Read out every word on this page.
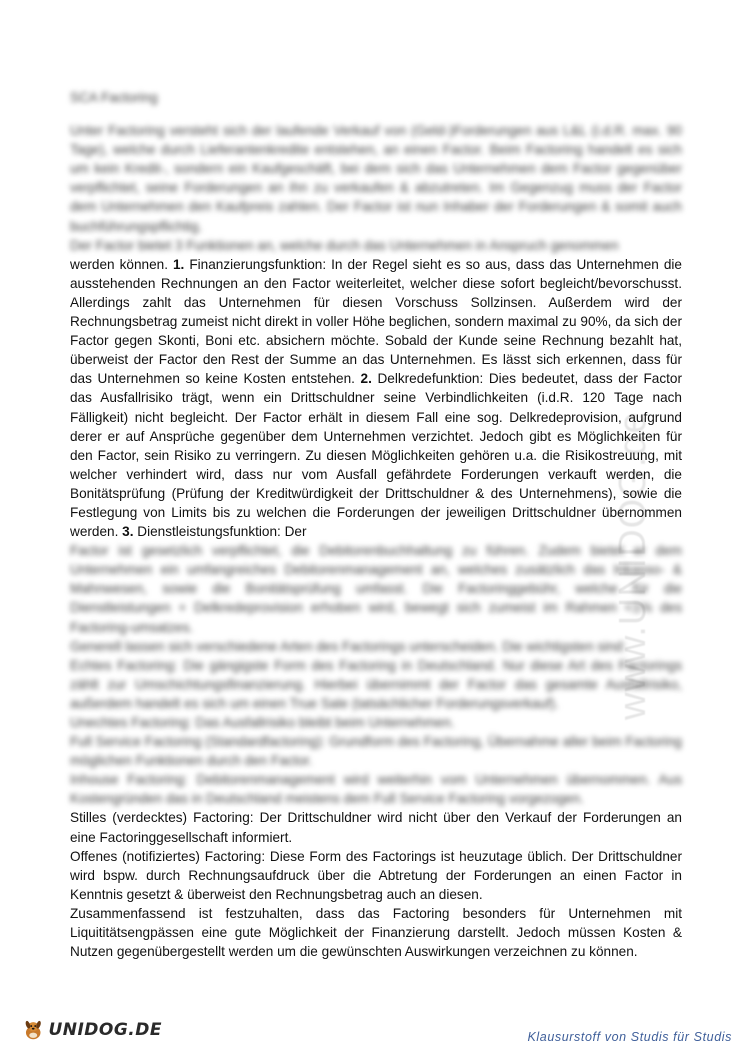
www.UNIDOG.de

SCA Factoring

Unter Factoring versteht sich der laufende Verkauf von (Geld-)Forderungen aus L&L (i.d.R. max. 90 Tage), welche durch Lieferantenkredite entstehen, an einen Factor. Beim Factoring handelt es sich um kein Kredit-, sondern ein Kaufgeschäft, bei dem sich das Unternehmen dem Factor gegenüber verpflichtet, seine Forderungen an ihn zu verkaufen & abzutreten. Im Gegenzug muss der Factor dem Unternehmen den Kaufpreis zahlen. Der Factor ist nun Inhaber der Forderungen & somit auch buchführungspflichtig.

Der Factor bietet 3 Funktionen an, welche durch das Unternehmen in Anspruch genommen

werden können. 1. Finanzierungsfunktion: In der Regel sieht es so aus, dass das Unternehmen die ausstehenden Rechnungen an den Factor weiterleitet, welcher diese sofort begleicht/bevorschusst. Allerdings zahlt das Unternehmen für diesen Vorschuss Sollzinsen. Außerdem wird der Rechnungsbetrag zumeist nicht direkt in voller Höhe beglichen, sondern maximal zu 90%, da sich der Factor gegen Skonti, Boni etc. absichern möchte. Sobald der Kunde seine Rechnung bezahlt hat, überweist der Factor den Rest der Summe an das Unternehmen. Es lässt sich erkennen, dass für das Unternehmen so keine Kosten entstehen. 2. Delkredefunktion: Dies bedeutet, dass der Factor das Ausfallrisiko trägt, wenn ein Drittschuldner seine Verbindlichkeiten (i.d.R. 120 Tage nach Fälligkeit) nicht begleicht. Der Factor erhält in diesem Fall eine sog. Delkredeprovision, aufgrund derer er auf Ansprüche gegenüber dem Unternehmen verzichtet. Jedoch gibt es Möglichkeiten für den Factor, sein Risiko zu verringern. Zu diesen Möglichkeiten gehören u.a. die Risikostreuung, mit welcher verhindert wird, dass nur vom Ausfall gefährdete Forderungen verkauft werden, die Bonitätsprüfung (Prüfung der Kreditwürdigkeit der Drittschuldner & des Unternehmens), sowie die Festlegung von Limits bis zu welchen die Forderungen der jeweiligen Drittschuldner übernommen werden. 3. Dienstleistungsfunktion: Der

Factor ist gesetzlich verpflichtet, die Debitorenbuchhaltung zu führen. Zudem bietet er dem Unternehmen ein umfangreiches Debitorenmanagement an, welches zusätzlich das Inkasso- & Mahnwesen, sowie die Bonitätsprüfung umfasst. Die Factoringgebühr, welche für die Dienstleistungen + Delkredeprovision erhoben wird, bewegt sich zumeist im Rahmen <1% des Factoring-umsatzes.

Generell lassen sich verschiedene Arten des Factorings unterscheiden. Die wichtigsten sind:

Echtes Factoring: Die gängigste Form des Factoring in Deutschland. Nur diese Art des Factorings zählt zur Umschichtungsfinanzierung. Hierbei übernimmt der Factor das gesamte Ausfallrisiko, außerdem handelt es sich um einen True Sale (tatsächlicher Forderungsverkauf).

Unechtes Factoring: Das Ausfallrisiko bleibt beim Unternehmen.

Full Service Factoring (Standardfactoring): Grundform des Factoring, Übernahme aller beim Factoring möglichen Funktionen durch den Factor.

Inhouse Factoring: Debitorenmanagement wird weiterhin vom Unternehmen übernommen. Aus Kostengründen das in Deutschland meistens dem Full Service Factoring vorgezogen.

Stilles (verdecktes) Factoring: Der Drittschuldner wird nicht über den Verkauf der Forderungen an eine Factoringgesellschaft informiert.

Offenes (notifiziertes) Factoring: Diese Form des Factorings ist heuzutage üblich. Der Drittschuldner wird bspw. durch Rechnungsaufdruck über die Abtretung der Forderungen an einen Factor in Kenntnis gesetzt & überweist den Rechnungsbetrag auch an diesen.

Zusammenfassend ist festzuhalten, dass das Factoring besonders für Unternehmen mit Liquititätsengpässen eine gute Möglichkeit der Finanzierung darstellt. Jedoch müssen Kosten & Nutzen gegenübergestellt werden um die gewünschten Auswirkungen verzeichnen zu können.

UNIDOG.DE	Klausurstoff von Studis für Studis
